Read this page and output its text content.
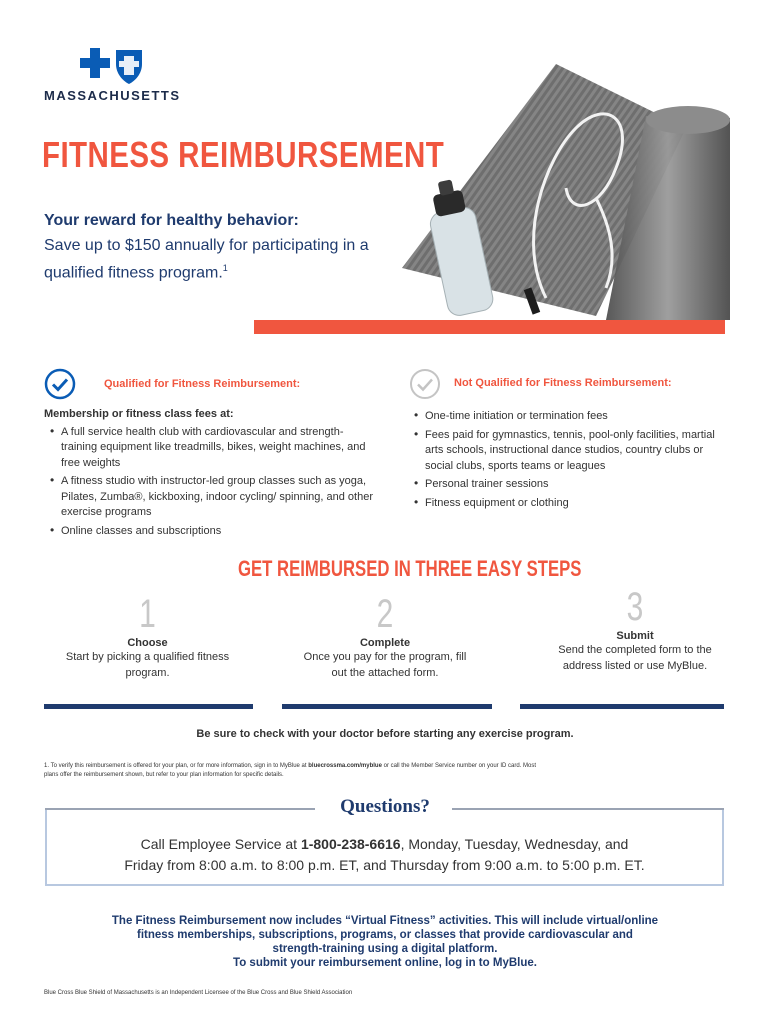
MASSACHUSETTS
FITNESS REIMBURSEMENT
Your reward for healthy behavior:
Save up to $150 annually for participating in a qualified fitness program.$^1$
Qualified for Fitness Reimbursement:	Not Qualified for Fitness Reimbursement:
Membership or fitness class fees at:
• A full service health club with cardiovascular and strength-training equipment like treadmills, bikes, weight machines, and free weights
• A fitness studio with instructor-led group classes such as yoga, Pilates, Zumba®, kickboxing, indoor cycling/ spinning, and other exercise programs
• Online classes and subscriptions
• One-time initiation or termination fees
• Fees paid for gymnastics, tennis, pool-only facilities, martial arts schools, instructional dance studios, country clubs or social clubs, sports teams or leagues
• Personal trainer sessions
• Fitness equipment or clothing
GET REIMBURSED IN THREE EASY STEPS
1
Choose
Start by picking a qualified fitness program.
2
Complete
Once you pay for the program, fill out the attached form.
3
Submit
Send the completed form to the address listed or use MyBlue.
Be sure to check with your doctor before starting any exercise program.
1. To verify this reimbursement is offered for your plan, or for more information, sign in to MyBlue at bluecrossma.com/myblue or call the Member Service number on your ID card. Most plans offer the reimbursement shown, but refer to your plan information for specific details.
Questions?
Call Employee Service at 1-800-238-6616, Monday, Tuesday, Wednesday, and
Friday from 8:00 a.m. to 8:00 p.m. ET, and Thursday from 9:00 a.m. to 5:00 p.m. ET.
The Fitness Reimbursement now includes “Virtual Fitness” activities. This will include virtual/online
fitness memberships, subscriptions, programs, or classes that provide cardiovascular and
strength-training using a digital platform.
To submit your reimbursement online, log in to MyBlue.
Blue Cross Blue Shield of Massachusetts is an Independent Licensee of the Blue Cross and Blue Shield Association
